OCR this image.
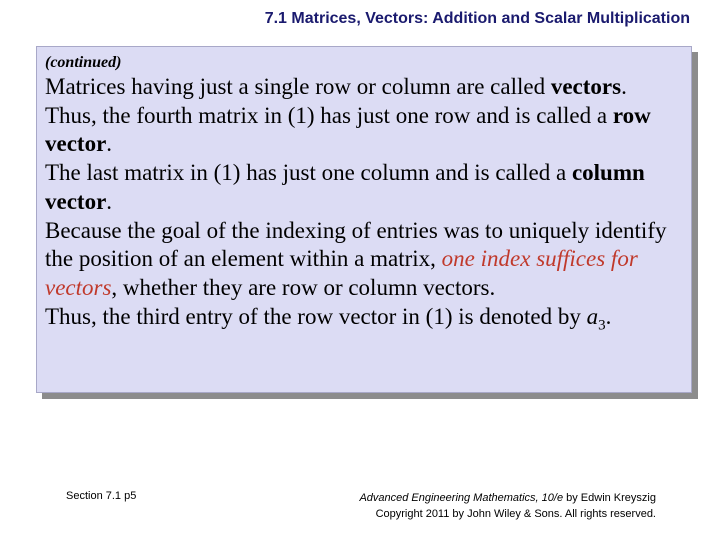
7.1 Matrices, Vectors: Addition and Scalar Multiplication

(continued)

Matrices having just a single row or column are called vectors.

Thus, the fourth matrix in (1) has just one row and is called a row vector.

The last matrix in (1) has just one column and is called a column vector.

Because the goal of the indexing of entries was to uniquely identify the position of an element within a matrix, one index suffices for vectors, whether they are row or column vectors.

Thus, the third entry of the row vector in (1) is denoted by $a_3$.

Section 7.1 p5	Advanced Engineering Mathematics, 10/e by Edwin Kreyszig
Copyright 2011 by John Wiley & Sons. All rights reserved.
